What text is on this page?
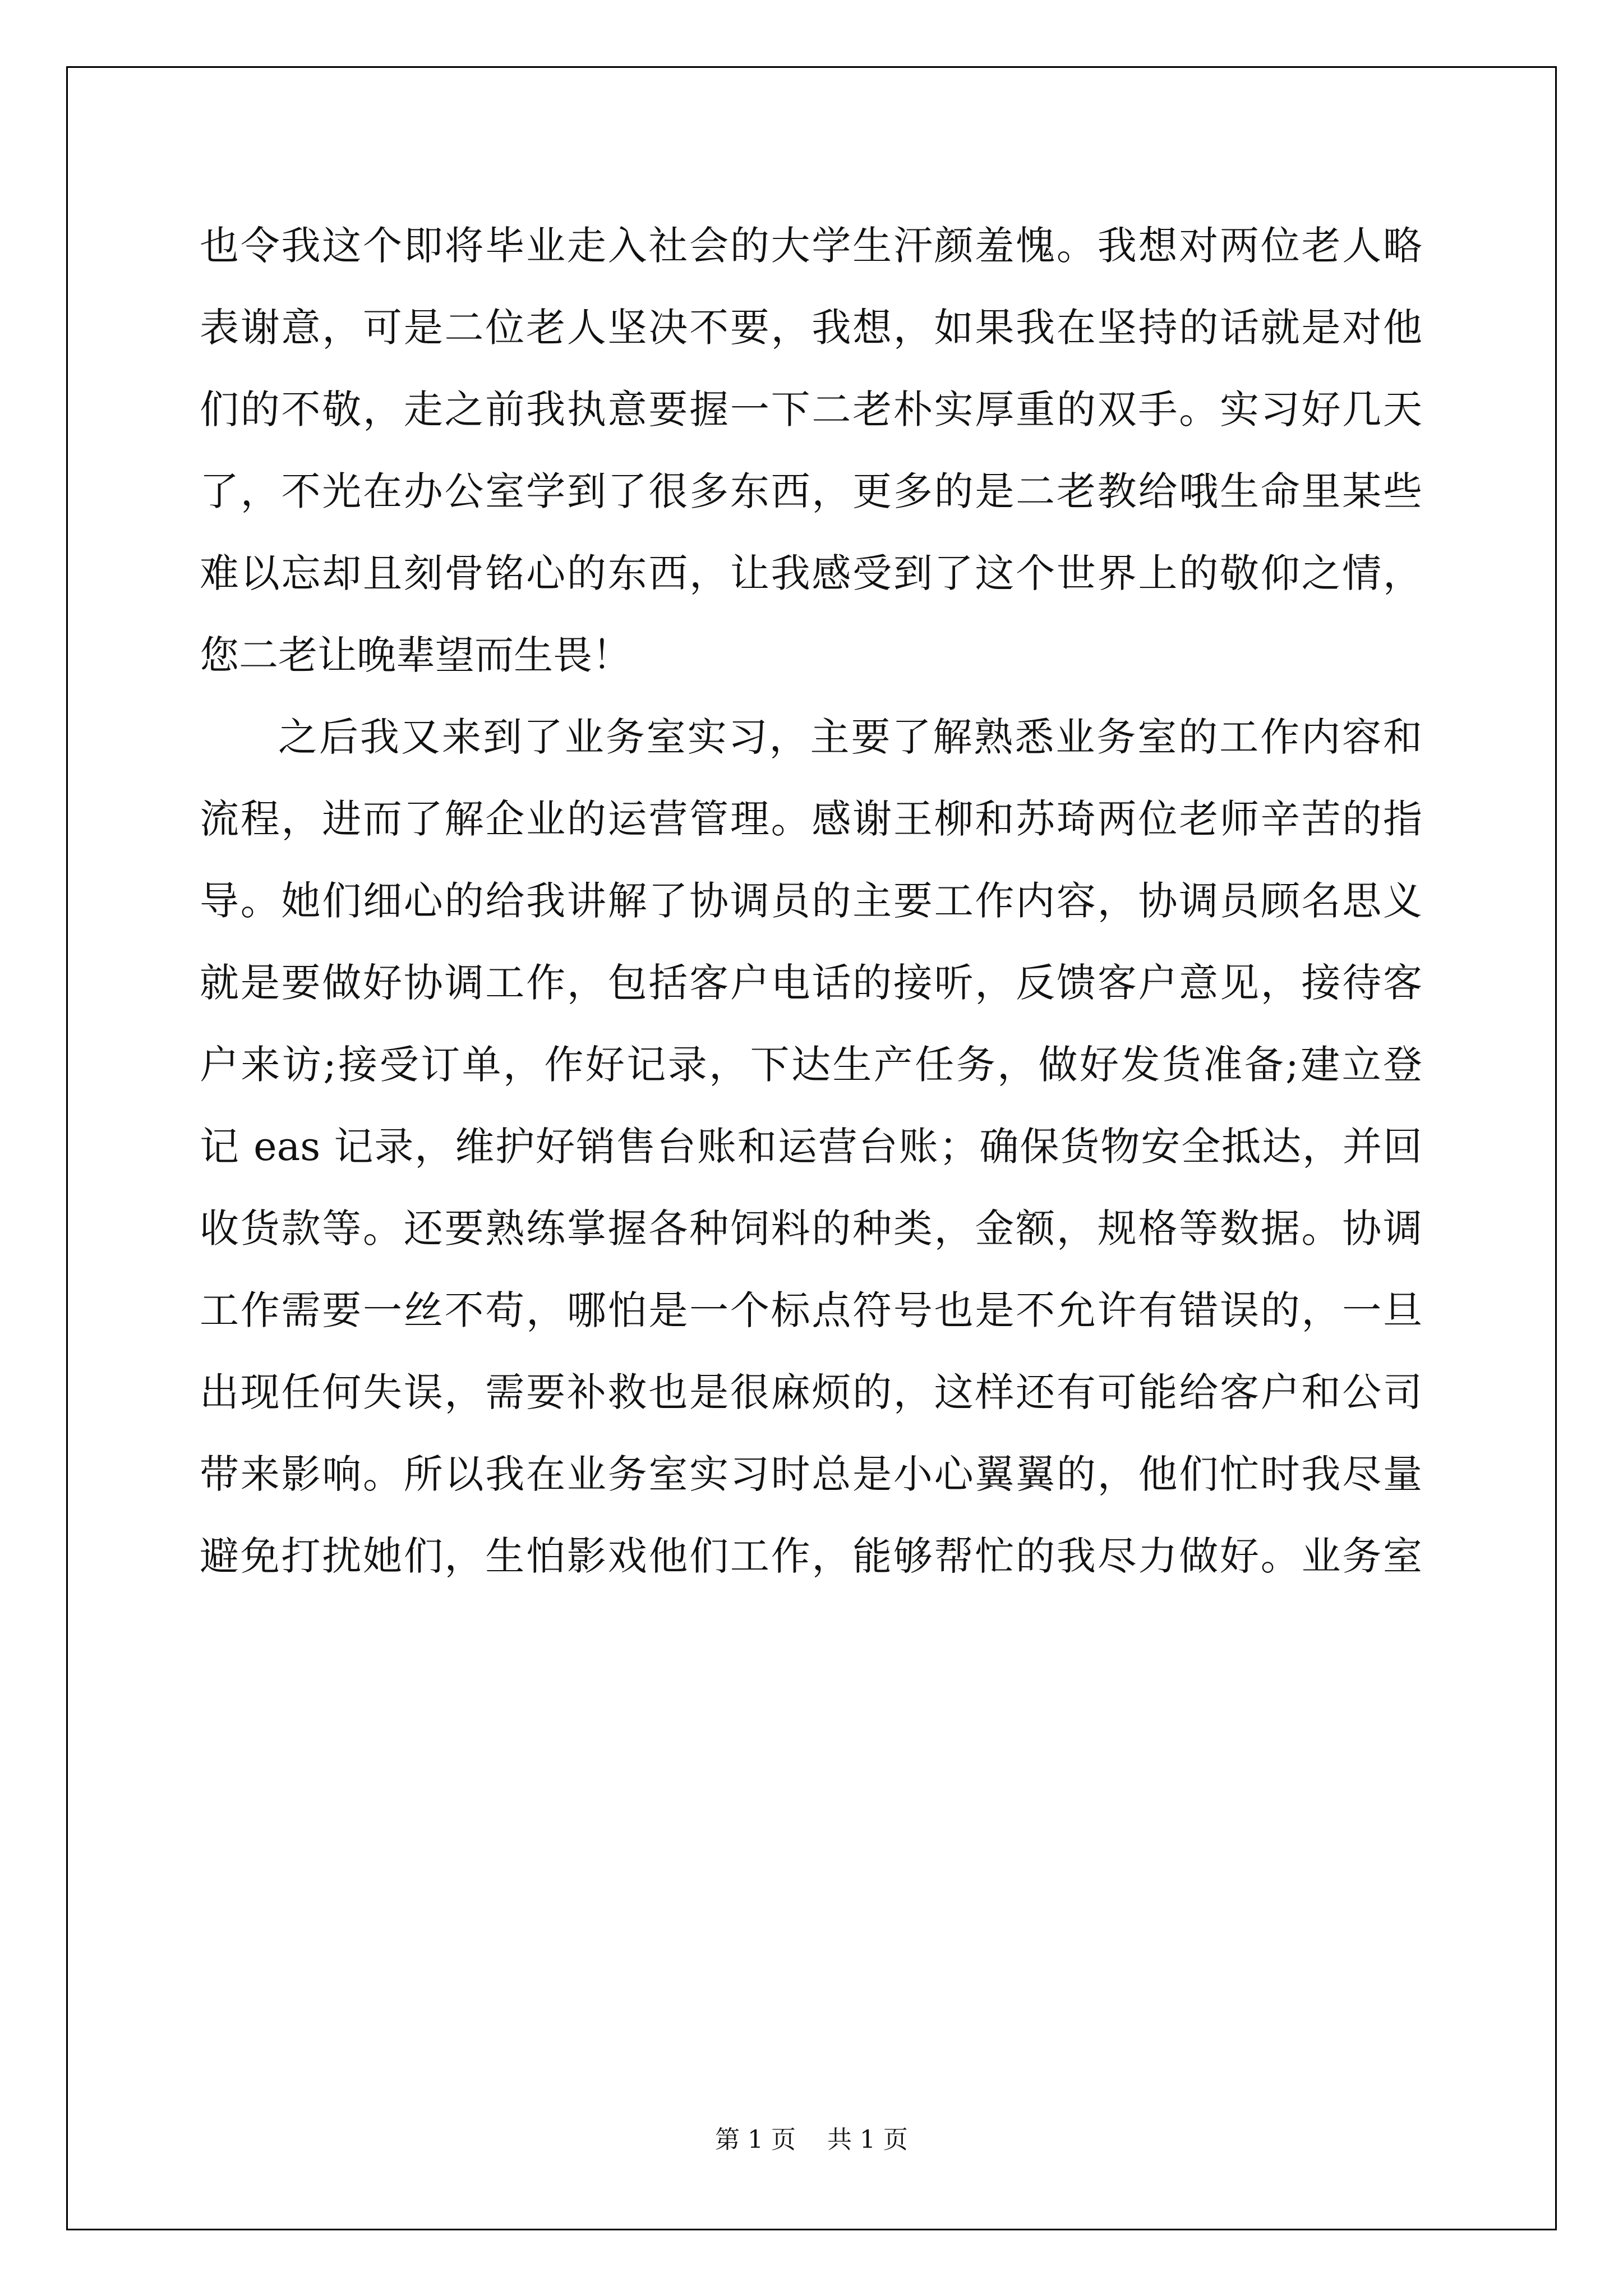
也令我这个即将毕业走入社会的大学生汗颜羞愧。我想对两位老人略
表谢意，可是二位老人坚决不要，我想，如果我在坚持的话就是对他
们的不敬，走之前我执意要握一下二老朴实厚重的双手。实习好几天
了，不光在办公室学到了很多东西，更多的是二老教给哦生命里某些
难以忘却且刻骨铭心的东西，让我感受到了这个世界上的敬仰之情，
您二老让晚辈望而生畏！
之后我又来到了业务室实习，主要了解熟悉业务室的工作内容和
流程，进而了解企业的运营管理。感谢王柳和苏琦两位老师辛苦的指
导。她们细心的给我讲解了协调员的主要工作内容，协调员顾名思义
就是要做好协调工作，包括客户电话的接听，反馈客户意见，接待客
户来访;接受订单，作好记录，下达生产任务，做好发货准备;建立登
记 eas 记录，维护好销售台账和运营台账；确保货物安全抵达，并回
收货款等。还要熟练掌握各种饲料的种类，金额，规格等数据。协调
工作需要一丝不苟，哪怕是一个标点符号也是不允许有错误的，一旦
出现任何失误，需要补救也是很麻烦的，这样还有可能给客户和公司
带来影响。所以我在业务室实习时总是小心翼翼的，他们忙时我尽量
避免打扰她们，生怕影戏他们工作，能够帮忙的我尽力做好。业务室
第 1 页    共 1 页
